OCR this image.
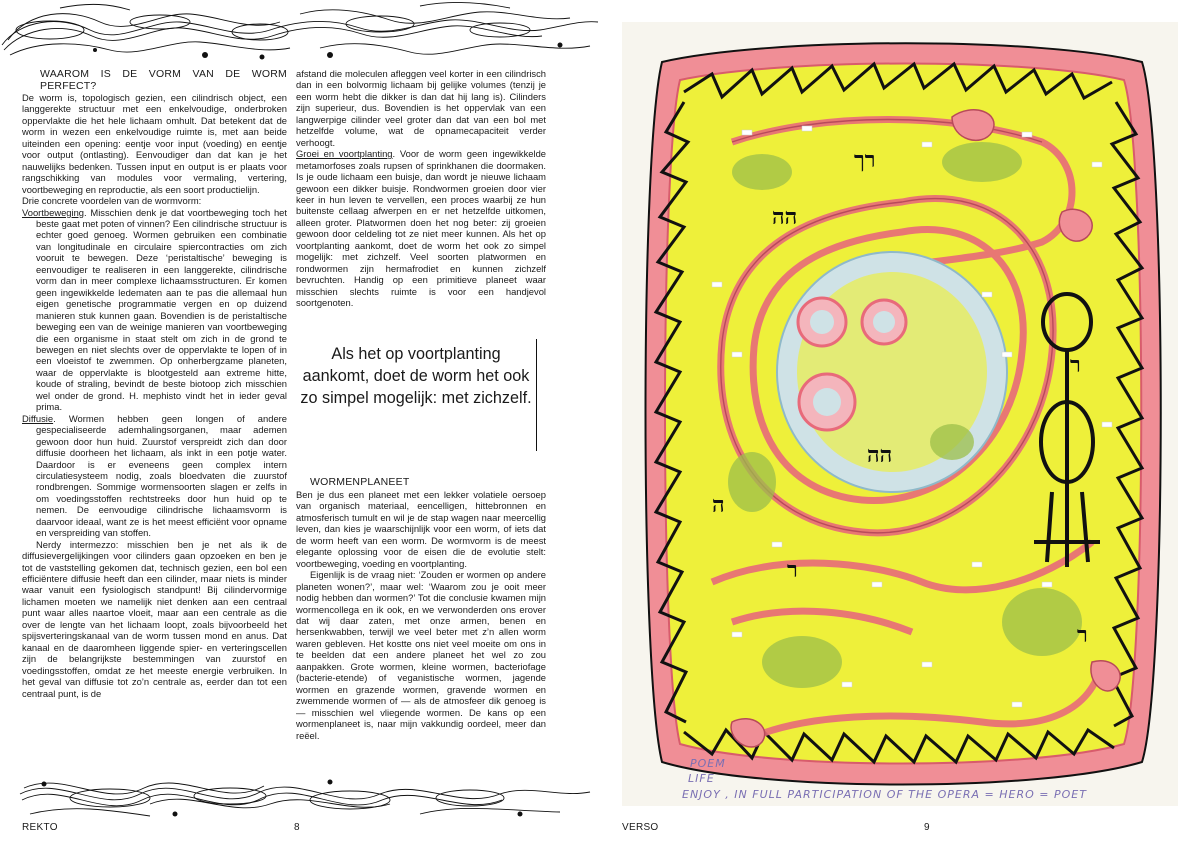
WAAROM IS DE VORM VAN DE WORM PERFECT?

De worm is, topologisch gezien, een cilindrisch object, een langgerekte structuur met een enkelvoudige, onderbroken oppervlakte die het hele lichaam omhult. Dat betekent dat de worm in wezen een enkelvoudige ruimte is, met aan beide uiteinden een opening: eentje voor input (voeding) en eentje voor output (ontlasting). Eenvoudiger dan dat kan je het nauwelijks bedenken. Tussen input en output is er plaats voor rangschikking van modules voor vermaling, vertering, voortbeweging en reproductie, als een soort productielijn.

Drie concrete voordelen van de wormvorm:

Voortbeweging. Misschien denk je dat voortbeweging toch het beste gaat met poten of vinnen? Een cilindrische structuur is echter goed genoeg. Wormen gebruiken een combinatie van longitudinale en circulaire spiercontracties om zich vooruit te bewegen. Deze ‘peristaltische’ beweging is eenvoudiger te realiseren in een langgerekte, cilindrische vorm dan in meer complexe lichaamsstructuren. Er komen geen ingewikkelde ledematen aan te pas die allemaal hun eigen genetische programmatie vergen en op duizend manieren stuk kunnen gaan. Bovendien is de peristaltische beweging een van de weinige manieren van voortbeweging die een organisme in staat stelt om zich in de grond te bewegen en niet slechts over de oppervlakte te lopen of in een vloeistof te zwemmen. Op onherbergzame planeten, waar de oppervlakte is blootgesteld aan extreme hitte, koude of straling, bevindt de beste biotoop zich misschien wel onder de grond. H. mephisto vindt het in ieder geval prima.

Diffusie. Wormen hebben geen longen of andere gespecialiseerde ademhalingsorganen, maar ademen gewoon door hun huid. Zuurstof verspreidt zich dan door diffusie doorheen het lichaam, als inkt in een potje water. Daardoor is er eveneens geen complex intern circulatiesysteem nodig, zoals bloedvaten die zuurstof rondbrengen. Sommige wormensoorten slagen er zelfs in om voedingsstoffen rechtstreeks door hun huid op te nemen. De eenvoudige cilindrische lichaamsvorm is daarvoor ideaal, want ze is het meest efficiënt voor opname en verspreiding van stoffen.

Nerdy intermezzo: misschien ben je net als ik de diffusievergelijkingen voor cilinders gaan opzoeken en ben je tot de vaststelling gekomen dat, technisch gezien, een bol een efficiëntere diffusie heeft dan een cilinder, maar niets is minder waar vanuit een fysiologisch standpunt! Bij cilindervormige lichamen moeten we namelijk niet denken aan een centraal punt waar alles naartoe vloeit, maar aan een centrale as die over de lengte van het lichaam loopt, zoals bijvoorbeeld het spijsverteringskanaal van de worm tussen mond en anus. Dat kanaal en de daaromheen liggende spier- en verteringscellen zijn de belangrijkste bestemmingen van zuurstof en voedingsstoffen, omdat ze het meeste energie verbruiken. In het geval van diffusie tot zo’n centrale as, eerder dan tot een centraal punt, is de

afstand die moleculen afleggen veel korter in een cilindrisch dan in een bolvormig lichaam bij gelijke volumes (tenzij je een worm hebt die dikker is dan dat hij lang is). Cilinders zijn superieur, dus. Bovendien is het oppervlak van een langwerpige cilinder veel groter dan dat van een bol met hetzelfde volume, wat de opnamecapaciteit verder verhoogt.

Groei en voortplanting. Voor de worm geen ingewikkelde metamorfoses zoals rupsen of sprinkhanen die doormaken. Is je oude lichaam een buisje, dan wordt je nieuwe lichaam gewoon een dikker buisje. Rondwormen groeien door vier keer in hun leven te vervellen, een proces waarbij ze hun buitenste cellaag afwerpen en er net hetzelfde uitkomen, alleen groter. Platwormen doen het nog beter: zij groeien gewoon door celdeling tot ze niet meer kunnen. Als het op voortplanting aankomt, doet de worm het ook zo simpel mogelijk: met zichzelf. Veel soorten platwormen en rondwormen zijn hermafrodiet en kunnen zichzelf bevruchten. Handig op een primitieve planeet waar misschien slechts ruimte is voor een handjevol soortgenoten.

Als het op voortplanting aankomt, doet de worm het ook zo simpel mogelijk: met zichzelf.

WORMENPLANEET

Ben je dus een planeet met een lekker volatiele oersoep van organisch materiaal, eencelligen, hittebronnen en atmosferisch tumult en wil je de stap wagen naar meercellig leven, dan kies je waarschijnlijk voor een worm, of iets dat de worm heeft van een worm. De wormvorm is de meest elegante oplossing voor de eisen die de evolutie stelt: voortbeweging, voeding en voortplanting.

Eigenlijk is de vraag niet: ‘Zouden er wormen op andere planeten wonen?’, maar wel: ‘Waarom zou je ooit meer nodig hebben dan wormen?’ Tot die conclusie kwamen mijn wormencollega en ik ook, en we verwonderden ons erover dat wij daar zaten, met onze armen, benen en hersenkwabben, terwijl we veel beter met z’n allen worm waren gebleven. Het kostte ons niet veel moeite om ons in te beelden dat een andere planeet het wel zo zou aanpakken. Grote wormen, kleine wormen, bacteriofage (bacterie-etende) of veganistische wormen, jagende wormen en grazende wormen, gravende wormen en zwemmende wormen of — als de atmosfeer dik genoeg is — misschien wel vliegende wormen. De kans op een wormenplaneet is, naar mijn vakkundig oordeel, meer dan reëel.

REKTO	8
רך
הה
הה
ה
ר
ר
ר
POEM
LIFE
ENJOY , IN FULL PARTICIPATION OF THE OPERA = HERO = POET
VERSO	9
